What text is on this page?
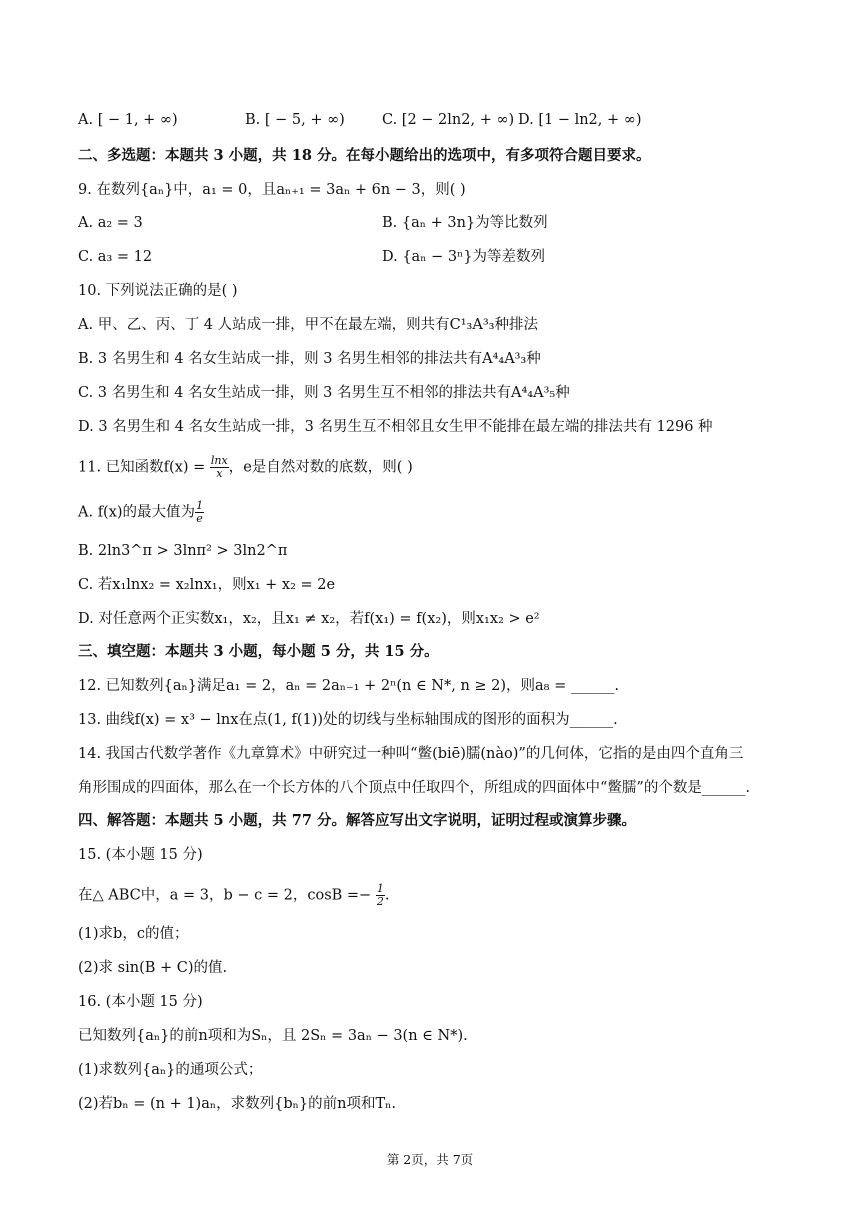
A. [ − 1, + ∞)	B. [ − 5, + ∞)	C. [2 − 2ln2, + ∞) D. [1 − ln2, + ∞)
二、多选题：本题共 3 小题，共 18 分。在每小题给出的选项中，有多项符合题目要求。
9. 在数列{aₙ}中，a₁ = 0，且aₙ₊₁ = 3aₙ + 6n − 3，则( )
A. a₂ = 3	B. {aₙ + 3n}为等比数列
C. a₃ = 12	D. {aₙ − 3ⁿ}为等差数列
10. 下列说法正确的是( )
A. 甲、乙、丙、丁 4 人站成一排，甲不在最左端，则共有C¹₃A³₃种排法
B. 3 名男生和 4 名女生站成一排，则 3 名男生相邻的排法共有A⁴₄A³₃种
C. 3 名男生和 4 名女生站成一排，则 3 名男生互不相邻的排法共有A⁴₄A³₅种
D. 3 名男生和 4 名女生站成一排，3 名男生互不相邻且女生甲不能排在最左端的排法共有 1296 种
11. 已知函数$f(x) = \frac{\ln x}{x}$ ，e是自然对数的底数，则( )
A. f(x)的最大值为 $\frac{1}{e}$
B. 2ln3^π > 3lnπ² > 3ln2^π
C. 若x₁lnx₂ = x₂lnx₁，则x₁ + x₂ = 2e
D. 对任意两个正实数x₁，x₂，且x₁ ≠ x₂，若f(x₁) = f(x₂)，则x₁x₂ > e²
三、填空题：本题共 3 小题，每小题 5 分，共 15 分。
12. 已知数列{aₙ}满足a₁ = 2，aₙ = 2aₙ₋₁ + 2ⁿ(n ∈ N*, n ≥ 2)，则a₈ = ______.
13. 曲线f(x) = x³ − lnx在点(1, f(1))处的切线与坐标轴围成的图形的面积为______.
14. 我国古代数学著作《九章算术》中研究过一种叫“鳖(biē)臑(nào)”的几何体，它指的是由四个直角三
角形围成的四面体，那么在一个长方体的八个顶点中任取四个，所组成的四面体中“鳖臑”的个数是______.
四、解答题：本题共 5 小题，共 77 分。解答应写出文字说明，证明过程或演算步骤。
15. (本小题 15 分)
在△ ABC中，a = 3，b − c = 2，$\cos B =- \frac{1}{2}$ .
(1)求b，c的值；
(2)求 sin(B + C)的值.
16. (本小题 15 分)
已知数列{aₙ}的前n项和为Sₙ，且 2Sₙ = 3aₙ − 3(n ∈ N*).
(1)求数列{aₙ}的通项公式；
(2)若bₙ = (n + 1)aₙ，求数列{bₙ}的前n项和Tₙ.
第 2页，共 7页
